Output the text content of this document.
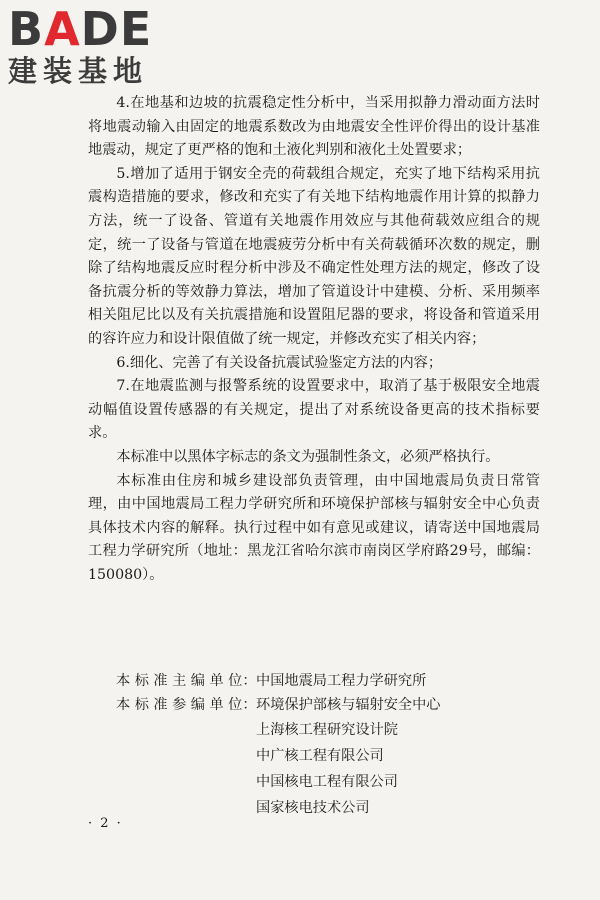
BADE
建装基地

4.在地基和边坡的抗震稳定性分析中，当采用拟静力滑动面方法时将地震动输入由固定的地震系数改为由地震安全性评价得出的设计基准地震动，规定了更严格的饱和土液化判别和液化土处置要求；

5.增加了适用于钢安全壳的荷载组合规定，充实了地下结构采用抗震构造措施的要求，修改和充实了有关地下结构地震作用计算的拟静力方法，统一了设备、管道有关地震作用效应与其他荷载效应组合的规定，统一了设备与管道在地震疲劳分析中有关荷载循环次数的规定，删除了结构地震反应时程分析中涉及不确定性处理方法的规定，修改了设备抗震分析的等效静力算法，增加了管道设计中建模、分析、采用频率相关阻尼比以及有关抗震措施和设置阻尼器的要求，将设备和管道采用的容许应力和设计限值做了统一规定，并修改充实了相关内容；

6.细化、完善了有关设备抗震试验鉴定方法的内容；

7.在地震监测与报警系统的设置要求中，取消了基于极限安全地震动幅值设置传感器的有关规定，提出了对系统设备更高的技术指标要求。

本标准中以黑体字标志的条文为强制性条文，必须严格执行。

本标准由住房和城乡建设部负责管理，由中国地震局负责日常管理，由中国地震局工程力学研究所和环境保护部核与辐射安全中心负责具体技术内容的解释。执行过程中如有意见或建议，请寄送中国地震局工程力学研究所（地址：黑龙江省哈尔滨市南岗区学府路29号，邮编：150080）。

本 标 准 主 编 单 位： 中国地震局工程力学研究所
本 标 准 参 编 单 位： 环境保护部核与辐射安全中心
上海核工程研究设计院
中广核工程有限公司
中国核电工程有限公司
国家核电技术公司
· 2 ·
